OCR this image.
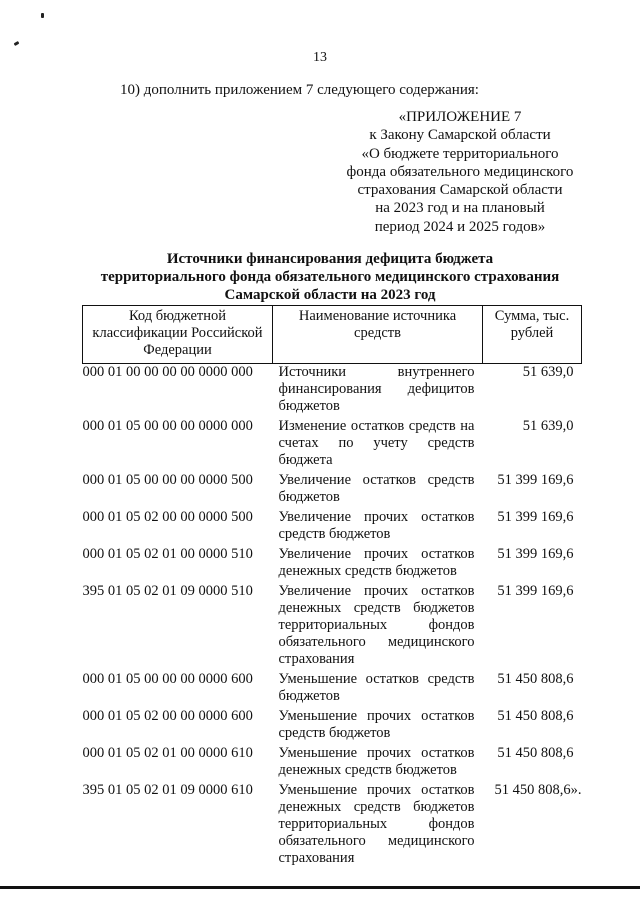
13
10) дополнить приложением 7 следующего содержания:
«ПРИЛОЖЕНИЕ 7
к Закону Самарской области
«О бюджете территориального
фонда обязательного медицинского
страхования Самарской области
на 2023 год и на плановый
период 2024 и 2025 годов»
Источники финансирования дефицита бюджета
территориального фонда обязательного медицинского страхования
Самарской области на 2023 год
Код бюджетной классификации Российской Федерации	Наименование источника средств	Сумма, тыс. рублей
000 01 00 00 00 00 0000 000	Источники внутреннего финансирования дефицитов бюджетов	51 639,0
000 01 05 00 00 00 0000 000	Изменение остатков средств на счетах по учету средств бюджета	51 639,0
000 01 05 00 00 00 0000 500	Увеличение остатков средств бюджетов	51 399 169,6
000 01 05 02 00 00 0000 500	Увеличение прочих остатков средств бюджетов	51 399 169,6
000 01 05 02 01 00 0000 510	Увеличение прочих остатков денежных средств бюджетов	51 399 169,6
395 01 05 02 01 09 0000 510	Увеличение прочих остатков денежных средств бюджетов территориальных фондов обязательного медицинского страхования	51 399 169,6
000 01 05 00 00 00 0000 600	Уменьшение остатков средств бюджетов	51 450 808,6
000 01 05 02 00 00 0000 600	Уменьшение прочих остатков средств бюджетов	51 450 808,6
000 01 05 02 01 00 0000 610	Уменьшение прочих остатков денежных средств бюджетов	51 450 808,6
395 01 05 02 01 09 0000 610	Уменьшение прочих остатков денежных средств бюджетов территориальных фондов обязательного медицинского страхования	51 450 808,6».
